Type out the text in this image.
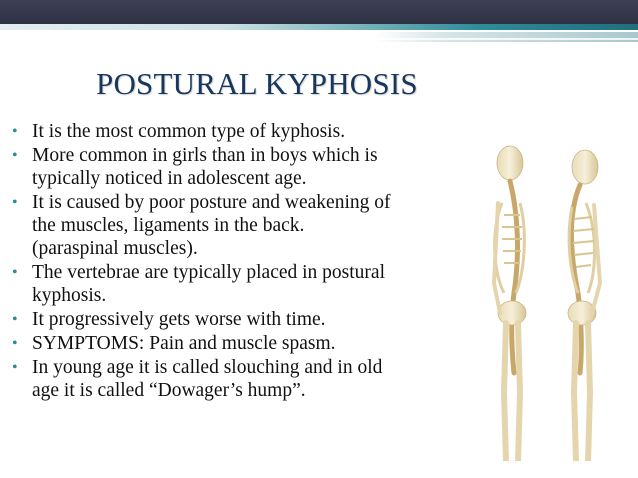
POSTURAL KYPHOSIS
• It is the most common type of kyphosis.
• More common in girls than in boys which is
typically noticed in adolescent age.
• It is caused by poor posture and weakening of
the muscles, ligaments in the back.
(paraspinal muscles).
• The vertebrae are typically placed in postural
kyphosis.
• It progressively gets worse with time.
• SYMPTOMS: Pain and muscle spasm.
• In young age it is called slouching and in old
age it is called “Dowager’s hump”.
